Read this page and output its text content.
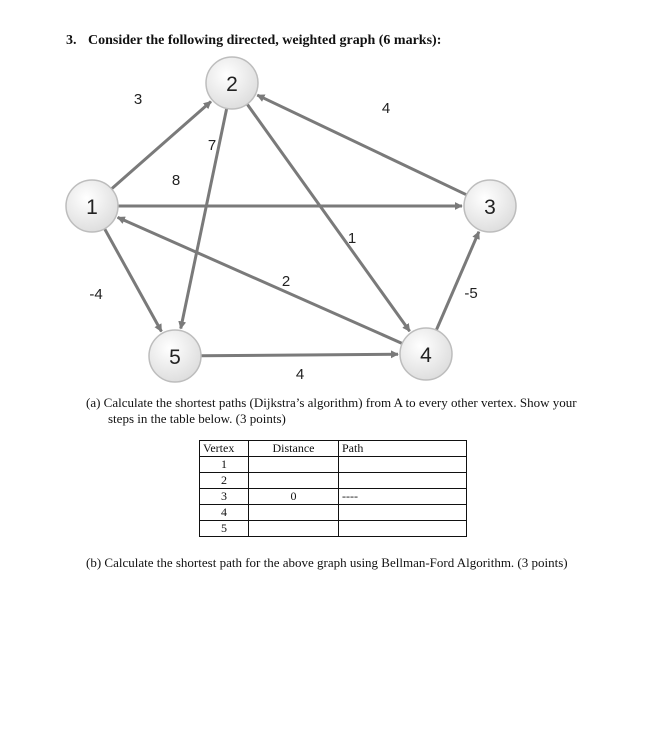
3. Consider the following directed, weighted graph (6 marks):
1
2
3
4
5
3
4
7
8
1
2
-4	-5
4
(a) Calculate the shortest paths (Dijkstra’s algorithm) from A to every other vertex. Show your
steps in the table below. (3 points)
Vertex	Distance	Path
1		
2		
3	0	----
4		
5		
(b) Calculate the shortest path for the above graph using Bellman-Ford Algorithm. (3 points)
